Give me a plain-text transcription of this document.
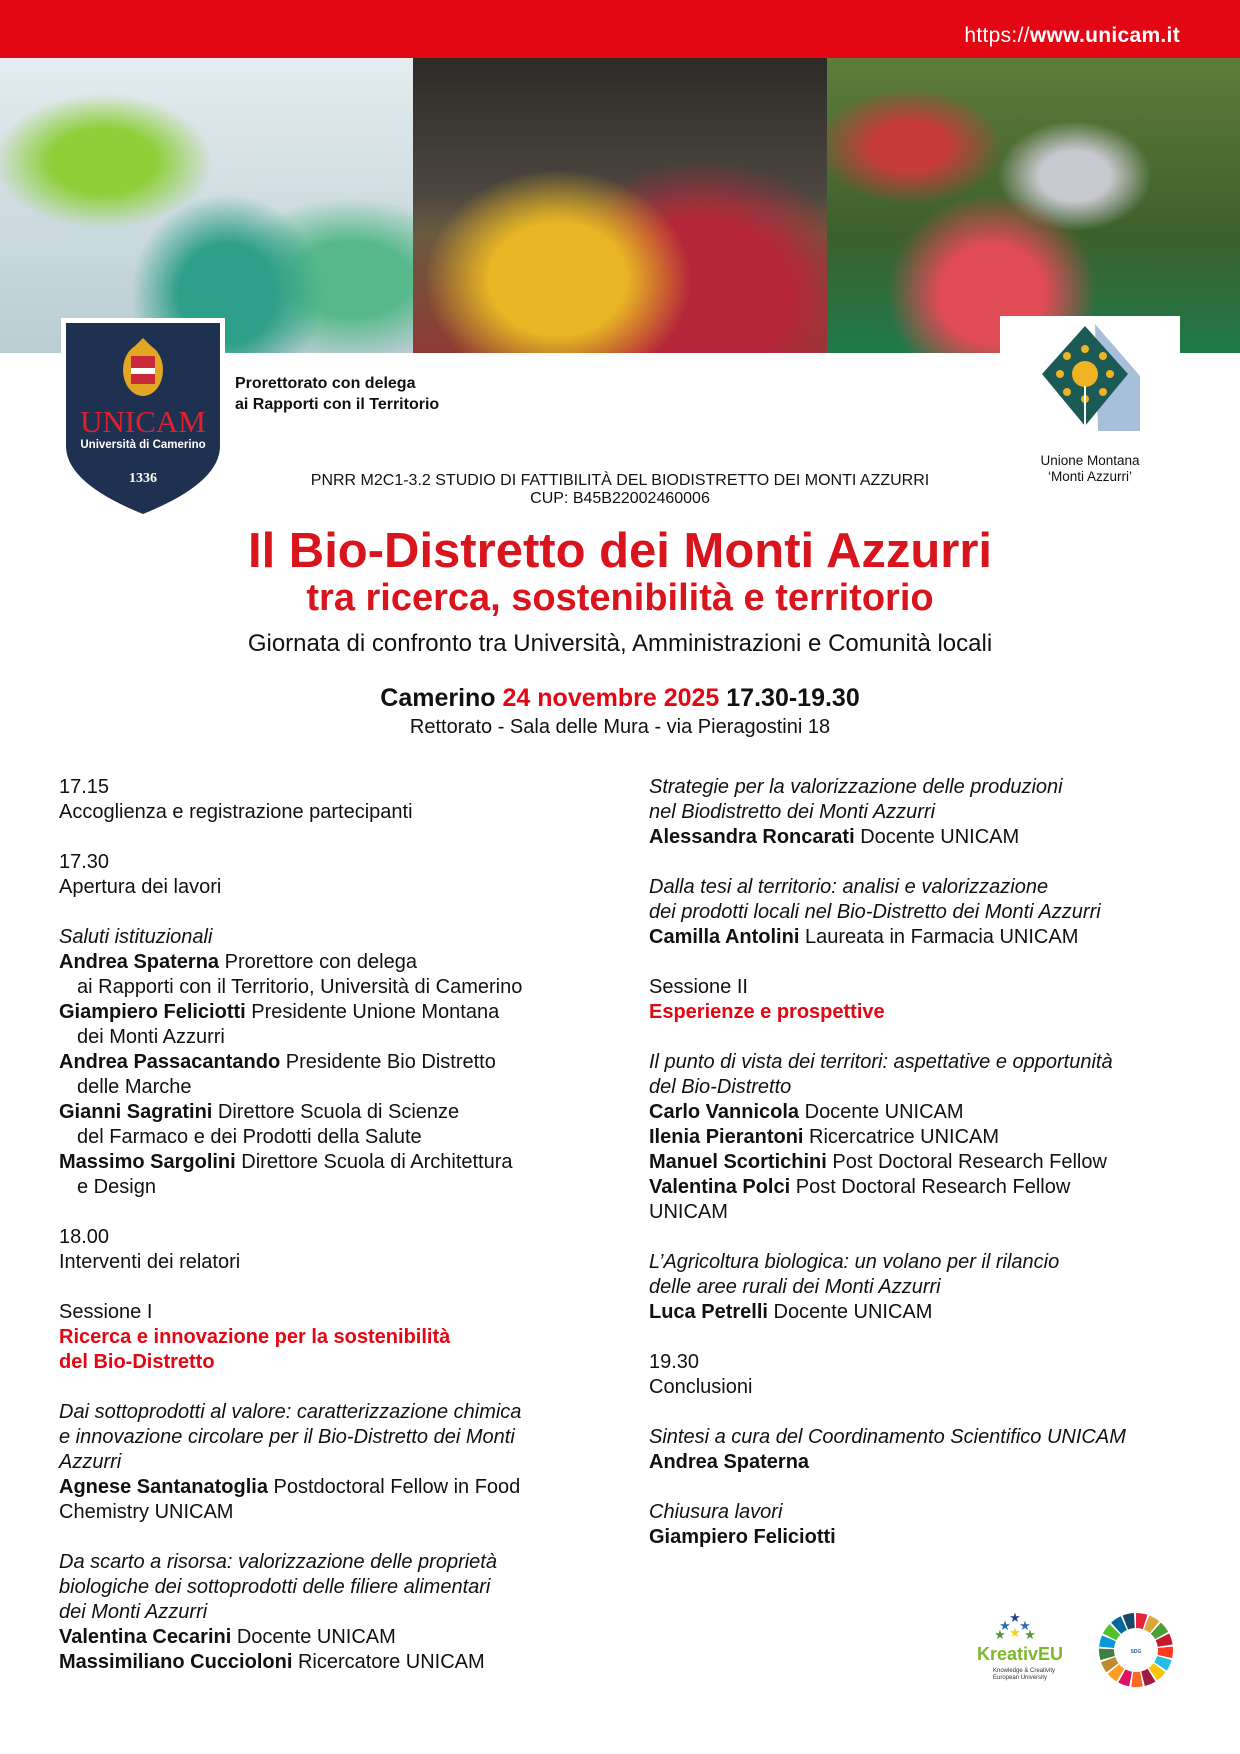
https://www.unicam.it
UNICAM
Università di Camerino
1336
Prorettorato con delega
ai Rapporti con il Territorio
Unione Montana
‘Monti Azzurri’
PNRR M2C1-3.2 STUDIO DI FATTIBILITÀ DEL BIODISTRETTO DEI MONTI AZZURRI
CUP: B45B22002460006
Il Bio-Distretto dei Monti Azzurri
tra ricerca, sostenibilità e territorio
Giornata di confronto tra Università, Amministrazioni e Comunità locali
Camerino 24 novembre 2025 17.30-19.30
Rettorato - Sala delle Mura - via Pieragostini 18
17.15
Accoglienza e registrazione partecipanti
17.30
Apertura dei lavori
Saluti istituzionali
Andrea Spaterna Prorettore con delega
ai Rapporti con il Territorio, Università di Camerino
Giampiero Feliciotti Presidente Unione Montana
dei Monti Azzurri
Andrea Passacantando Presidente Bio Distretto
delle Marche
Gianni Sagratini Direttore Scuola di Scienze
del Farmaco e dei Prodotti della Salute
Massimo Sargolini Direttore Scuola di Architettura
e Design
18.00
Interventi dei relatori
Sessione I
Ricerca e innovazione per la sostenibilità
del Bio-Distretto
Dai sottoprodotti al valore: caratterizzazione chimica
e innovazione circolare per il Bio-Distretto dei Monti
Azzurri
Agnese Santanatoglia Postdoctoral Fellow in Food
Chemistry UNICAM
Da scarto a risorsa: valorizzazione delle proprietà
biologiche dei sottoprodotti delle filiere alimentari
dei Monti Azzurri
Valentina Cecarini Docente UNICAM
Massimiliano Cuccioloni Ricercatore UNICAM
Strategie per la valorizzazione delle produzioni
nel Biodistretto dei Monti Azzurri
Alessandra Roncarati Docente UNICAM
Dalla tesi al territorio: analisi e valorizzazione
dei prodotti locali nel Bio-Distretto dei Monti Azzurri
Camilla Antolini Laureata in Farmacia UNICAM
Sessione II
Esperienze e prospettive
Il punto di vista dei territori: aspettative e opportunità
del Bio-Distretto
Carlo Vannicola Docente UNICAM
Ilenia Pierantoni Ricercatrice UNICAM
Manuel Scortichini Post Doctoral Research Fellow
Valentina Polci Post Doctoral Research Fellow
UNICAM
L’Agricoltura biologica: un volano per il rilancio
delle aree rurali dei Monti Azzurri
Luca Petrelli Docente UNICAM
19.30
Conclusioni
Sintesi a cura del Coordinamento Scientifico UNICAM
Andrea Spaterna
Chiusura lavori
Giampiero Feliciotti
★
★ ★
★
★ ★
KreativEU
Knowledge & Creativity
European University
SDG
